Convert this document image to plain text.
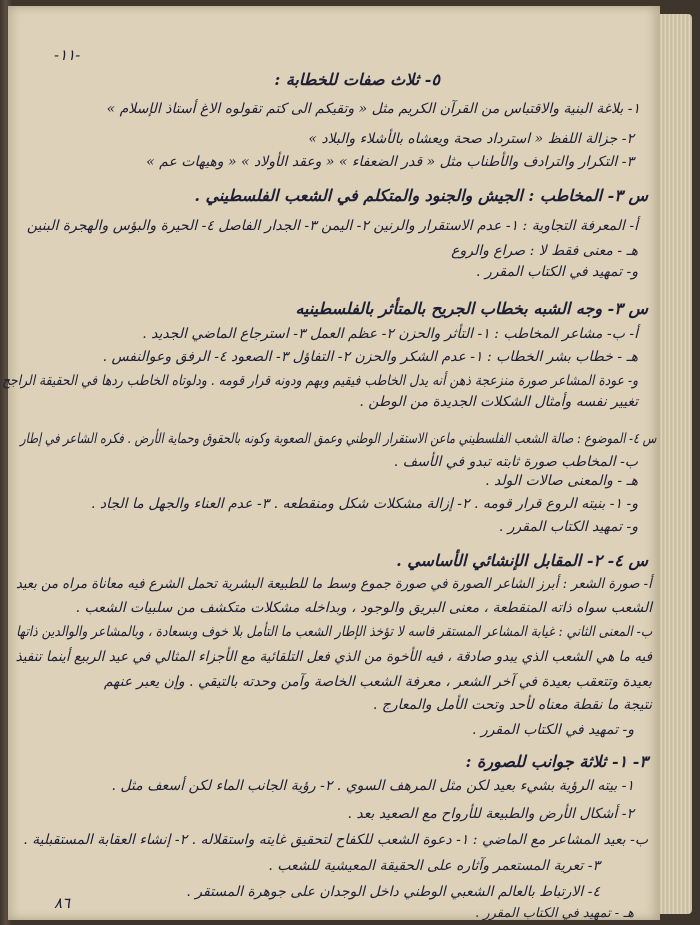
-١١-
٥- ثلاث صفات للخطابة :
١- بلاغة البنية والاقتباس من القرآن الكريم مثل « وتقيكم الى كتم تقولوه الاغ أستاذ الإسلام »
٢- جزالة اللفظ « استرداد صحة ويعشاه بالأشلاء والبلاد »
٣- التكرار والترادف والأطناب مثل « قدر الضعفاء » « وعقد الأولاد » « وهيهات عم »
س ٣- المخاطب : الجيش والجنود والمتكلم في الشعب الفلسطيني .
أ- المعرفة التجاوية : ١- عدم الاستقرار والرنين ٢- اليمن ٣- الجدار الفاصل ٤- الحيرة والبؤس والهجرة البنين
هـ - معنى فقط لا : صراع والروع
و- تمهيد في الكتاب المقرر .
س ٣- وجه الشبه بخطاب الجريح بالمتأثر بالفلسطينيه
أ- ب- مشاعر المخاطب : ١- التأثر والحزن ٢- عظم العمل ٣- استرجاع الماضي الجديد .
هـ - خطاب بشر الخطاب : ١- عدم الشكر والحزن ٢- التفاؤل ٣- الصعود ٤- الرفق وعوالنفس .
و- عودة المشاعر صورة منزعجة ذهن أنه يدل الخاطب فيقيم وبهم ودونه قرار قومه . ودلوتاه الخاطب ردها في الحقيقة الراجح
تغيير نفسه وأمثال الشكلات الجديدة من الوطن .
س ٤- الموضوع : صالة الشعب الفلسطيني ماعن الاستقرار الوطني وعمق الصعوبة وكونه بالحقوق وحماية الأرض . فكره الشاعر في إطار
ب- المخاطب صورة ثابته تبدو في الأسف .
هـ - والمعنى صالات الولد .
و- ١- بنيته الروع قرار قومه . ٢- إزالة مشكلات شكل ومنقطعه . ٣- عدم العناء والجهل ما الجاد .
و- تمهيد الكتاب المقرر .
س ٤- ٢- المقابل الإنشائي الأساسي .
أ- صورة الشعر : أبرز الشاعر الصورة في صورة جموع وسط ما للطبيعة البشرية تحمل الشرع فيه معاناة مراه من بعيد
الشعب سواه ذاته المنقطعة ، معنى البريق والوجود ، وبداخله مشكلات متكشف من سلبيات الشعب .
ب- المعنى الثاني : غيابة المشاعر المستقر فاسه لا تؤخذ الإطار الشعب ما التأمل بلا خوف وبسعادة ، وبالمشاعر والوالدين ذاتها
فيه ما هي الشعب الذي يبدو صادقة ، فيه الأخوة من الذي فعل التلقائية مع الأجزاء المثالي في عيد الربيع أينما تنفيذ
بعيدة وتتعقب بعيدة في آخر الشعر ، معرفة الشعب الخاصة وآمن وحدته بالتيقي . وإن يعبر عنهم
نتيجة ما نقطة معناه لأحد وتحت الأمل والمعارج .
و- تمهيد في الكتاب المقرر .
٣- ١- ثلاثة جوانب للصورة :
١- بيته الرؤية بشيء بعيد لكن مثل المرهف السوي . ٢- رؤية الجانب الماء لكن أسعف مثل .
٢- أشكال الأرض والطبيعة للأرواح مع الصعيد بعد .
ب- بعيد المشاعر مع الماضي : ١- دعوة الشعب للكفاح لتحقيق غايته واستقلاله . ٢- إنشاء العقابة المستقبلية .
٣- تعرية المستعمر وآثاره على الحقيقة المعيشية للشعب .
٤- الارتباط بالعالم الشعبي الوطني داخل الوجدان على جوهرة المستقر .
هـ - تمهيد في الكتاب المقرر .
٨٦
